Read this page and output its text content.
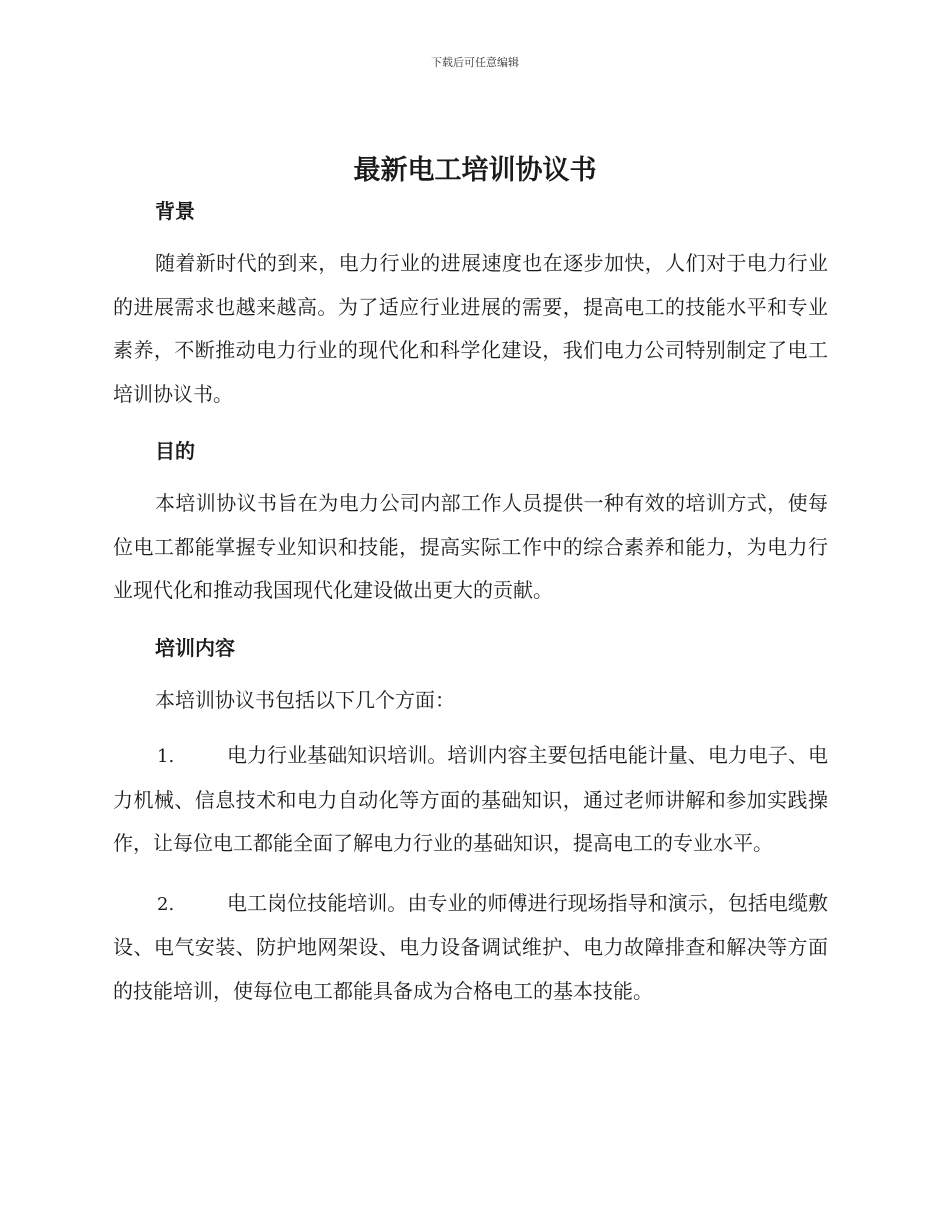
下载后可任意编辑
最新电工培训协议书
背景

随着新时代的到来，电力行业的进展速度也在逐步加快，人们对于电力行业的进展需求也越来越高。为了适应行业进展的需要，提高电工的技能水平和专业素养，不断推动电力行业的现代化和科学化建设，我们电力公司特别制定了电工培训协议书。

目的

本培训协议书旨在为电力公司内部工作人员提供一种有效的培训方式，使每位电工都能掌握专业知识和技能，提高实际工作中的综合素养和能力，为电力行业现代化和推动我国现代化建设做出更大的贡献。

培训内容

本培训协议书包括以下几个方面：

1.	电力行业基础知识培训。培训内容主要包括电能计量、电力电子、电力机械、信息技术和电力自动化等方面的基础知识，通过老师讲解和参加实践操作，让每位电工都能全面了解电力行业的基础知识，提高电工的专业水平。

2.	电工岗位技能培训。由专业的师傅进行现场指导和演示，包括电缆敷设、电气安装、防护地网架设、电力设备调试维护、电力故障排查和解决等方面的技能培训，使每位电工都能具备成为合格电工的基本技能。
